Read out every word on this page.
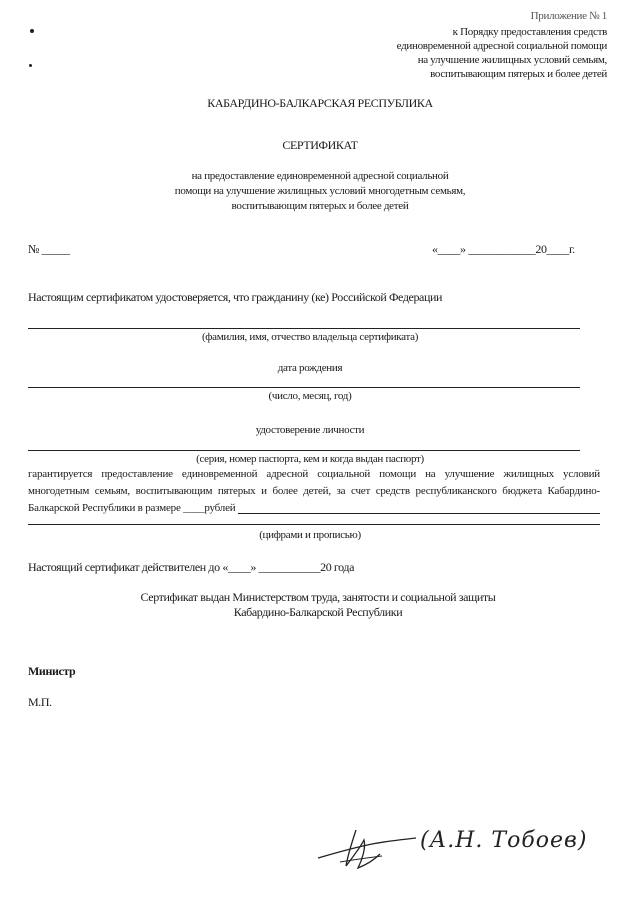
Приложение № 1
к Порядку предоставления средств
единовременной адресной социальной помощи
на улучшение жилищных условий семьям,
воспитывающим пятерых и более детей
КАБАРДИНО-БАЛКАРСКАЯ РЕСПУБЛИКА
СЕРТИФИКАТ
на предоставление единовременной адресной социальной
помощи на улучшение жилищных условий многодетным семьям,
воспитывающим пятерых и более детей
№ _____	«____» ____________20____г.
Настоящим сертификатом удостоверяется, что гражданину (ке) Российской Федерации
(фамилия, имя, отчество владельца сертификата)
дата рождения
(число, месяц, год)
удостоверение личности
(серия, номер паспорта, кем и когда выдан паспорт)
гарантируется предоставление единовременной адресной социальной помощи на улучшение жилищных условий
многодетным семьям, воспитывающим пятерых и более детей, за счет средств республиканского бюджета Кабардино-
Балкарской Республики в размере ____рублей
(цифрами и прописью)
Настоящий сертификат действителен до «____» ___________20 года
Сертификат выдан Министерством труда, занятости и социальной защиты
Кабардино-Балкарской Республики
Министр
М.П.
(А.Н. Тобоев)
